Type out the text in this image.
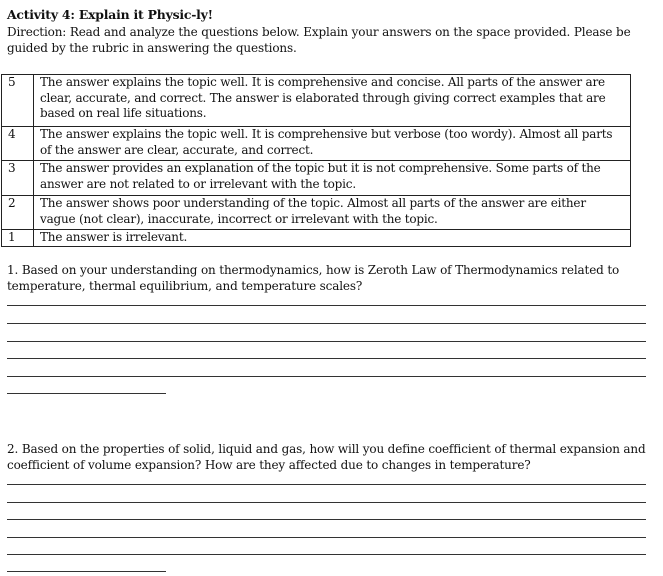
Activity 4: Explain it Physic-ly!
Direction: Read and analyze the questions below. Explain your answers on the space provided. Please be guided by the rubric in answering the questions.
5	The answer explains the topic well. It is comprehensive and concise. All parts of the answer are clear, accurate, and correct. The answer is elaborated through giving correct examples that are based on real life situations.
4	The answer explains the topic well. It is comprehensive but verbose (too wordy). Almost all parts of the answer are clear, accurate, and correct.
3	The answer provides an explanation of the topic but it is not comprehensive. Some parts of the answer are not related to or irrelevant with the topic.
2	The answer shows poor understanding of the topic. Almost all parts of the answer are either vague (not clear), inaccurate, incorrect or irrelevant with the topic.
1	The answer is irrelevant.
1. Based on your understanding on thermodynamics, how is Zeroth Law of Thermodynamics related to temperature, thermal equilibrium, and temperature scales?
2. Based on the properties of solid, liquid and gas, how will you define coefficient of thermal expansion and coefficient of volume expansion? How are they affected due to changes in temperature?
